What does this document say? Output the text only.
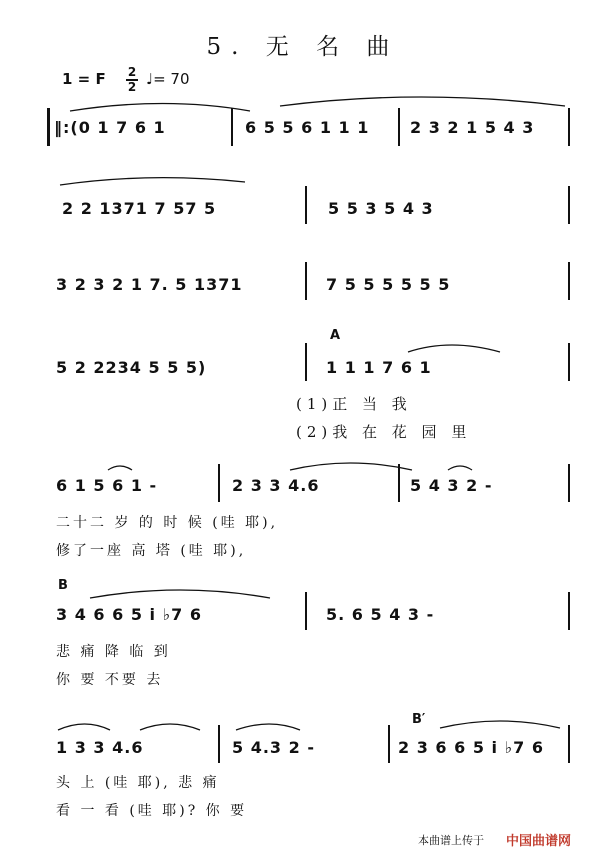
5. 无 名 曲
1 = F 2
2 ♩= 70
‖:(0 1 7 6 1	6 5 5 6 1 1 1	2 3 2 1 5 4 3
2 2 1371 7 57 5	5 5 3 5 4 3
3 2 3 2 1 7. 5 1371	7 5 5 5 5 5 5
A
5 2 2234 5 5 5)	1 1 1 7 6 1
(1)正 当 我
(2)我 在 花 园 里
6 1 5 6 1 -	2 3 3 4.6	5 4 3 2 -
二十二 岁 的 时 候 (哇 耶),
修了一座 高 塔 (哇 耶),
B
3 4 6 6 5 i ♭7 6	5. 6 5 4 3 -
悲 痛 降 临 到
你 要 不要 去
B′
1 3 3 4.6	5 4.3 2 -	2 3 6 6 5 i ♭7 6
头 上 (哇 耶), 悲 痛
看 一 看 (哇 耶)? 你 要
本曲谱上传于 中国曲谱网
